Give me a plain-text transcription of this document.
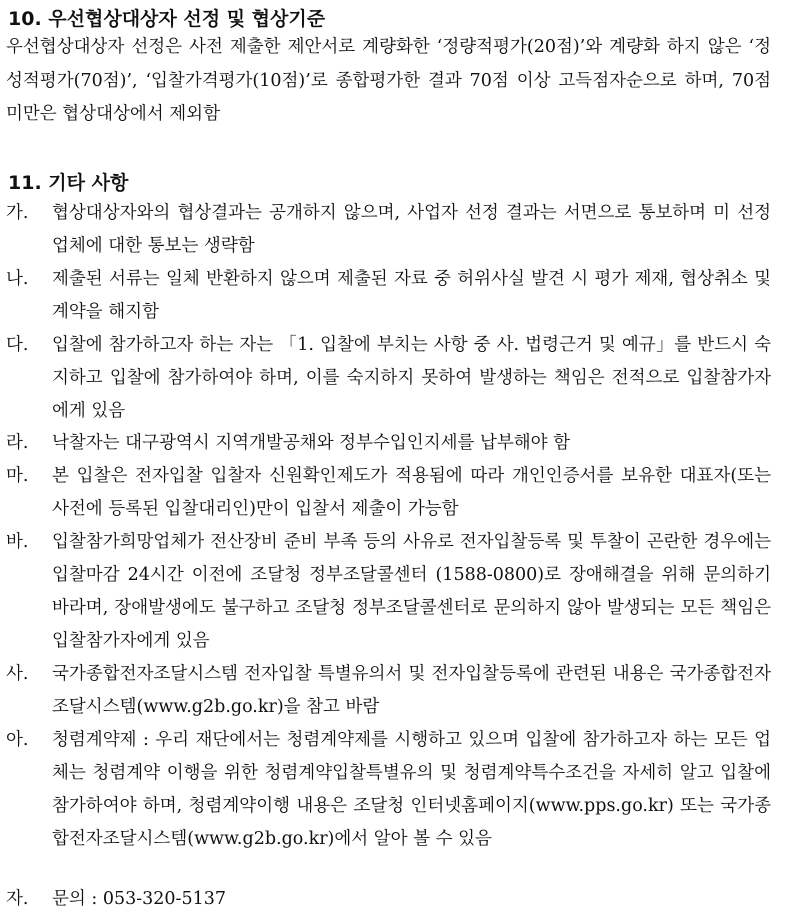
10. 우선협상대상자 선정 및 협상기준
우선협상대상자 선정은 사전 제출한 제안서로 계량화한 ‘정량적평가(20점)’와 계량화 하지 않은 ‘정성적평가(70점)’, ‘입찰가격평가(10점)’로 종합평가한 결과 70점 이상 고득점자순으로 하며, 70점 미만은 협상대상에서 제외함
11. 기타 사항
가.	협상대상자와의 협상결과는 공개하지 않으며, 사업자 선정 결과는 서면으로 통보하며 미 선정업체에 대한 통보는 생략함
나.	제출된 서류는 일체 반환하지 않으며 제출된 자료 중 허위사실 발견 시 평가 제재, 협상취소 및 계약을 해지함
다.	입찰에 참가하고자 하는 자는 「1. 입찰에 부치는 사항 중 사. 법령근거 및 예규」를 반드시 숙지하고 입찰에 참가하여야 하며, 이를 숙지하지 못하여 발생하는 책임은 전적으로 입찰참가자에게 있음
라.	낙찰자는 대구광역시 지역개발공채와 정부수입인지세를 납부해야 함
마.	본 입찰은 전자입찰 입찰자 신원확인제도가 적용됨에 따라 개인인증서를 보유한 대표자(또는 사전에 등록된 입찰대리인)만이 입찰서 제출이 가능함
바.	입찰참가희망업체가 전산장비 준비 부족 등의 사유로 전자입찰등록 및 투찰이 곤란한 경우에는 입찰마감 24시간 이전에 조달청 정부조달콜센터 (1588-0800)로 장애해결을 위해 문의하기 바라며, 장애발생에도 불구하고 조달청 정부조달콜센터로 문의하지 않아 발생되는 모든 책임은 입찰참가자에게 있음
사.	국가종합전자조달시스템 전자입찰 특별유의서 및 전자입찰등록에 관련된 내용은 국가종합전자조달시스템(www.g2b.go.kr)을 참고 바람
아.	청렴계약제 : 우리 재단에서는 청렴계약제를 시행하고 있으며 입찰에 참가하고자 하는 모든 업체는 청렴계약 이행을 위한 청렴계약입찰특별유의 및 청렴계약특수조건을 자세히 알고 입찰에 참가하여야 하며, 청렴계약이행 내용은 조달청 인터넷홈페이지(www.pps.go.kr) 또는 국가종합전자조달시스템(www.g2b.go.kr)에서 알아 볼 수 있음
자.	문의 : 053-320-5137
